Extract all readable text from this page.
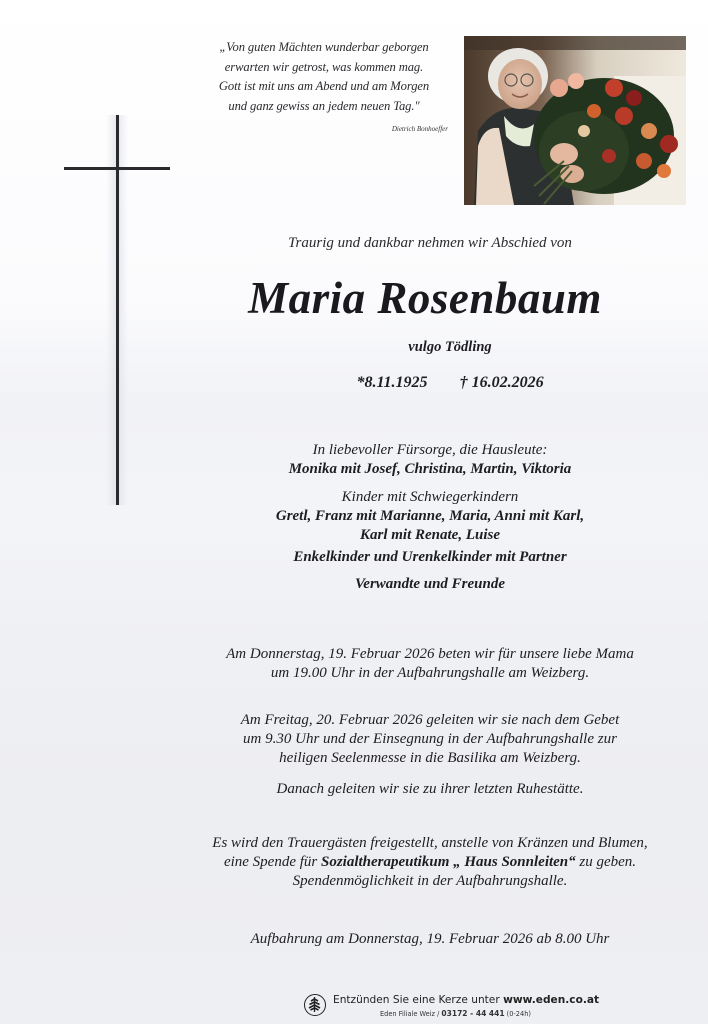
„Von guten Mächten wunderbar geborgen
erwarten wir getrost, was kommen mag.
Gott ist mit uns am Abend und am Morgen
und ganz gewiss an jedem neuen Tag."
Dietrich Bonhoeffer
Traurig und dankbar nehmen wir Abschied von
Maria Rosenbaum
vulgo Tödling
*8.11.1925 † 16.02.2026
In liebevoller Fürsorge, die Hausleute:
Monika mit Josef, Christina, Martin, Viktoria
Kinder mit Schwiegerkindern
Gretl, Franz mit Marianne, Maria, Anni mit Karl,
Karl mit Renate, Luise
Enkelkinder und Urenkelkinder mit Partner
Verwandte und Freunde
Am Donnerstag, 19. Februar 2026 beten wir für unsere liebe Mama
um 19.00 Uhr in der Aufbahrungshalle am Weizberg.
Am Freitag, 20. Februar 2026 geleiten wir sie nach dem Gebet
um 9.30 Uhr und der Einsegnung in der Aufbahrungshalle zur
heiligen Seelenmesse in die Basilika am Weizberg.
Danach geleiten wir sie zu ihrer letzten Ruhestätte.
Es wird den Trauergästen freigestellt, anstelle von Kränzen und Blumen,
eine Spende für Sozialtherapeutikum „ Haus Sonnleiten“ zu geben.
Spendenmöglichkeit in der Aufbahrungshalle.
Aufbahrung am Donnerstag, 19. Februar 2026 ab 8.00 Uhr
Entzünden Sie eine Kerze unter www.eden.co.at
Eden Filiale Weiz / 03172 - 44 441 (0-24h)
